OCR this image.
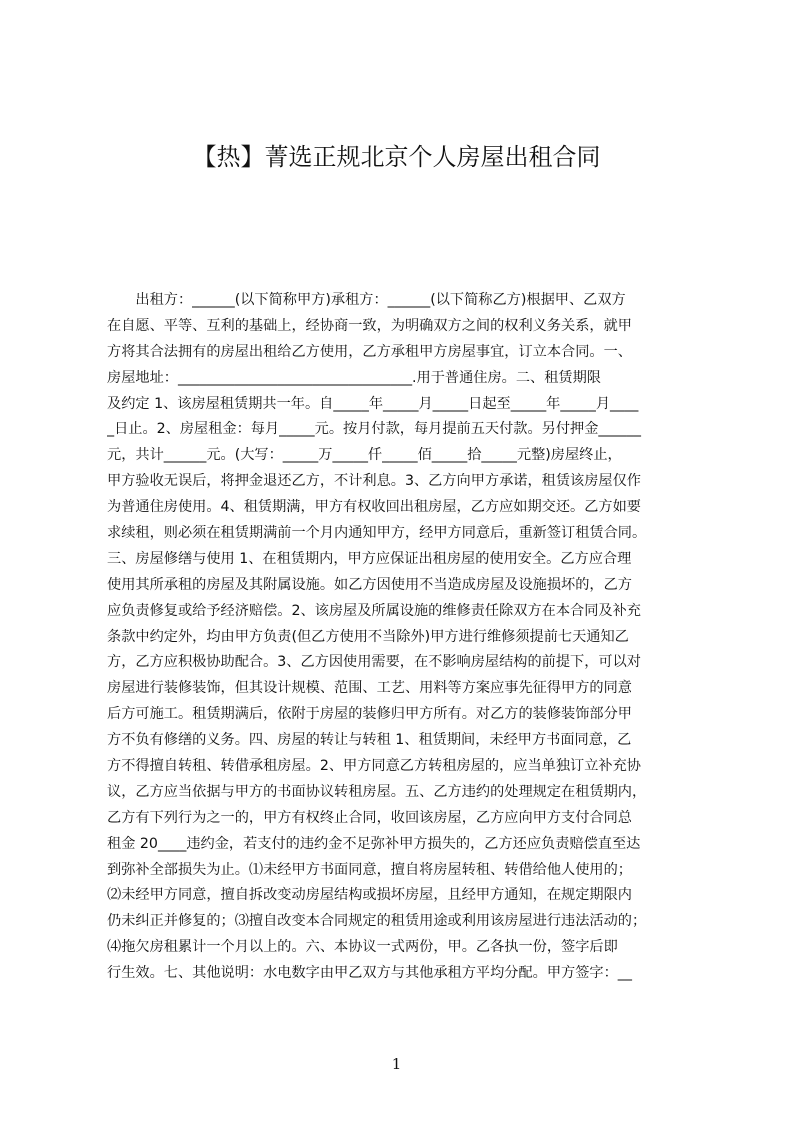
【热】菁选正规北京个人房屋出租合同
　　出租方：______(以下简称甲方)承租方：______(以下简称乙方)根据甲、乙双方
在自愿、平等、互利的基础上，经协商一致，为明确双方之间的权利义务关系，就甲
方将其合法拥有的房屋出租给乙方使用，乙方承租甲方房屋事宜，订立本合同。一、
房屋地址：_________________________________.用于普通住房。二、租赁期限
及约定 1、该房屋租赁期共一年。自_____年_____月_____日起至_____年_____月____
_日止。2、房屋租金：每月_____元。按月付款，每月提前五天付款。另付押金______
元，共计______元。(大写：_____万_____仟_____佰_____拾_____元整)房屋终止，
甲方验收无误后，将押金退还乙方，不计利息。3、乙方向甲方承诺，租赁该房屋仅作
为普通住房使用。4、租赁期满，甲方有权收回出租房屋，乙方应如期交还。乙方如要
求续租，则必须在租赁期满前一个月内通知甲方，经甲方同意后，重新签订租赁合同。
三、房屋修缮与使用 1、在租赁期内，甲方应保证出租房屋的使用安全。乙方应合理
使用其所承租的房屋及其附属设施。如乙方因使用不当造成房屋及设施损坏的，乙方
应负责修复或给予经济赔偿。2、该房屋及所属设施的维修责任除双方在本合同及补充
条款中约定外，均由甲方负责(但乙方使用不当除外)甲方进行维修须提前七天通知乙
方，乙方应积极协助配合。3、乙方因使用需要，在不影响房屋结构的前提下，可以对
房屋进行装修装饰，但其设计规模、范围、工艺、用料等方案应事先征得甲方的同意
后方可施工。租赁期满后，依附于房屋的装修归甲方所有。对乙方的装修装饰部分甲
方不负有修缮的义务。四、房屋的转让与转租 1、租赁期间，未经甲方书面同意，乙
方不得擅自转租、转借承租房屋。2、甲方同意乙方转租房屋的，应当单独订立补充协
议，乙方应当依据与甲方的书面协议转租房屋。五、乙方违约的处理规定在租赁期内，
乙方有下列行为之一的，甲方有权终止合同，收回该房屋，乙方应向甲方支付合同总
租金 20____违约金，若支付的违约金不足弥补甲方损失的，乙方还应负责赔偿直至达
到弥补全部损失为止。⑴未经甲方书面同意，擅自将房屋转租、转借给他人使用的；
⑵未经甲方同意，擅自拆改变动房屋结构或损坏房屋，且经甲方通知，在规定期限内
仍未纠正并修复的；⑶擅自改变本合同规定的租赁用途或利用该房屋进行违法活动的；
⑷拖欠房租累计一个月以上的。六、本协议一式两份，甲。乙各执一份，签字后即
行生效。七、其他说明：水电数字由甲乙双方与其他承租方平均分配。甲方签字：__
1
